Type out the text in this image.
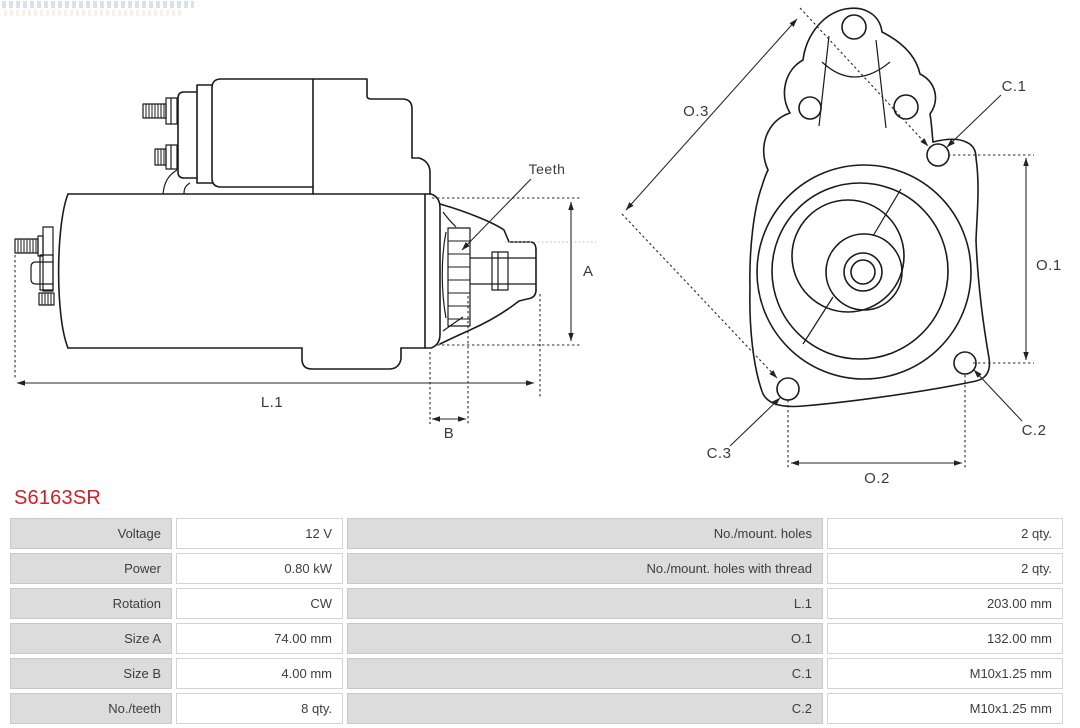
Teeth
A
L.1
B
O.3
C.1
O.1
O.2
C.3
C.2
S6163SR
Voltage	12 V	No./mount. holes	2 qty.
Power	0.80 kW	No./mount. holes with thread	2 qty.
Rotation	CW	L.1	203.00 mm
Size A	74.00 mm	O.1	132.00 mm
Size B	4.00 mm	C.1	M10x1.25 mm
No./teeth	8 qty.	C.2	M10x1.25 mm
